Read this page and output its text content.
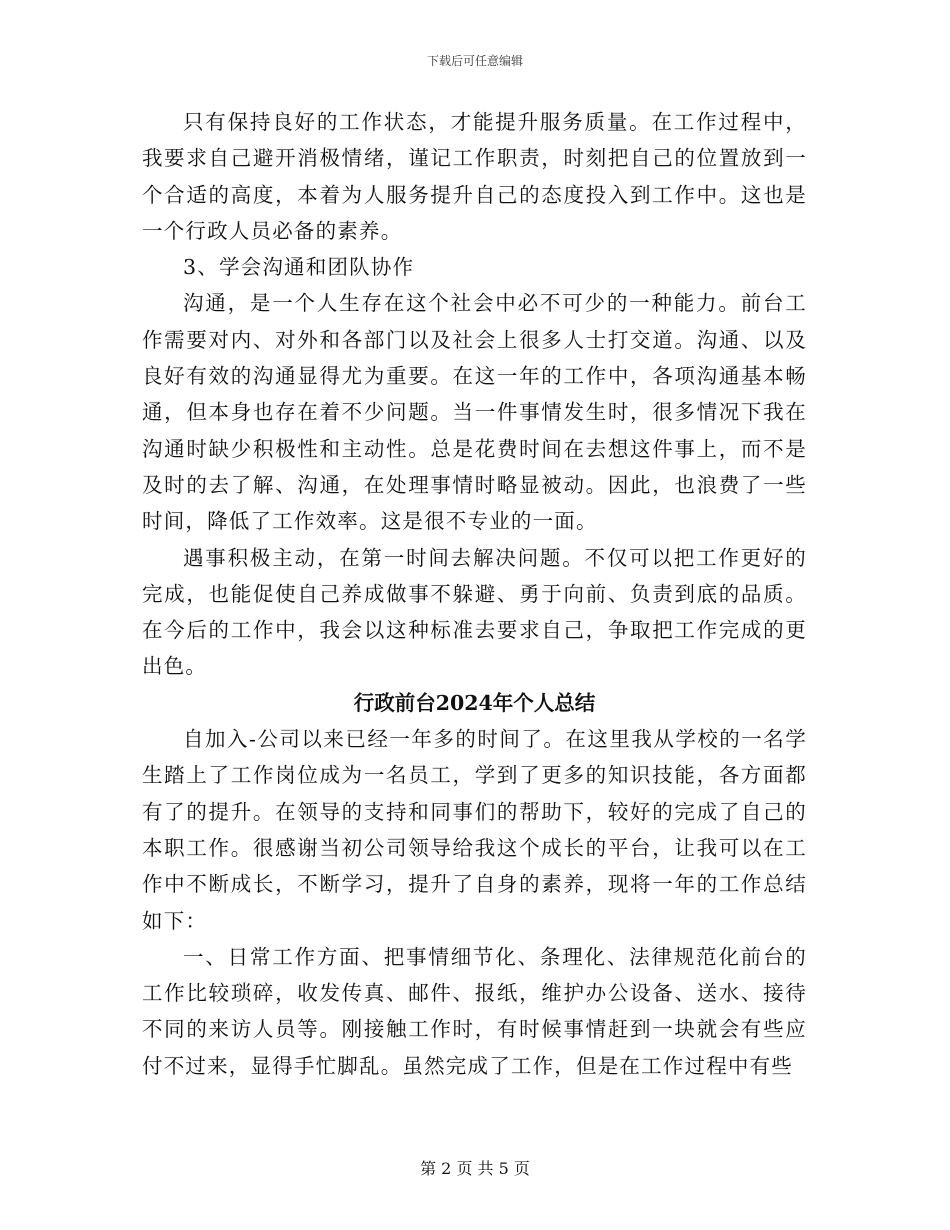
下载后可任意编辑

只有保持良好的工作状态，才能提升服务质量。在工作过程中，我要求自己避开消极情绪，谨记工作职责，时刻把自己的位置放到一个合适的高度，本着为人服务提升自己的态度投入到工作中。这也是一个行政人员必备的素养。

3、学会沟通和团队协作

沟通，是一个人生存在这个社会中必不可少的一种能力。前台工作需要对内、对外和各部门以及社会上很多人士打交道。沟通、以及良好有效的沟通显得尤为重要。在这一年的工作中，各项沟通基本畅通，但本身也存在着不少问题。当一件事情发生时，很多情况下我在沟通时缺少积极性和主动性。总是花费时间在去想这件事上，而不是及时的去了解、沟通，在处理事情时略显被动。因此，也浪费了一些时间，降低了工作效率。这是很不专业的一面。

遇事积极主动，在第一时间去解决问题。不仅可以把工作更好的完成，也能促使自己养成做事不躲避、勇于向前、负责到底的品质。在今后的工作中，我会以这种标准去要求自己，争取把工作完成的更出色。

行政前台2024年个人总结

自加入-公司以来已经一年多的时间了。在这里我从学校的一名学生踏上了工作岗位成为一名员工，学到了更多的知识技能，各方面都有了的提升。在领导的支持和同事们的帮助下，较好的完成了自己的本职工作。很感谢当初公司领导给我这个成长的平台，让我可以在工作中不断成长，不断学习，提升了自身的素养，现将一年的工作总结如下：

一、日常工作方面、把事情细节化、条理化、法律规范化前台的工作比较琐碎，收发传真、邮件、报纸，维护办公设备、送水、接待不同的来访人员等。刚接触工作时，有时候事情赶到一块就会有些应付不过来，显得手忙脚乱。虽然完成了工作，但是在工作过程中有些

第 2 页 共 5 页
